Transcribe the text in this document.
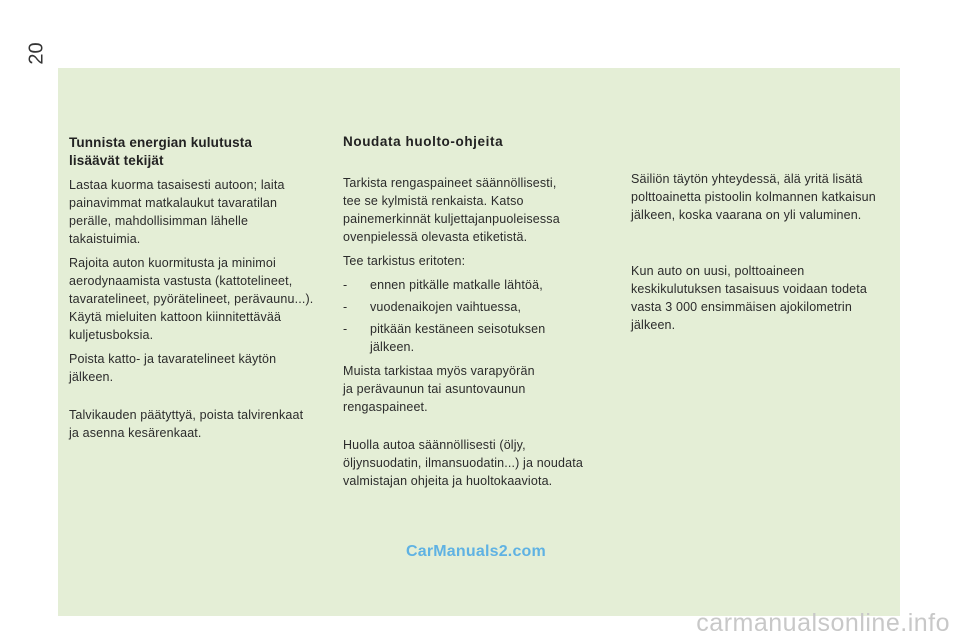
20
Tunnista energian kulutusta
lisäävät tekijät
Lastaa kuorma tasaisesti autoon; laita
painavimmat matkalaukut tavaratilan
perälle, mahdollisimman lähelle
takaistuimia.
Rajoita auton kuormitusta ja minimoi
aerodynaamista vastusta (kattotelineet,
tavaratelineet, pyörätelineet, perävaunu...).
Käytä mieluiten kattoon kiinnitettävää
kuljetusboksia.
Poista katto- ja tavaratelineet käytön
jälkeen.
Talvikauden päätyttyä, poista talvirenkaat
ja asenna kesärenkaat.
Noudata huolto-ohjeita
Tarkista rengaspaineet säännöllisesti,
tee se kylmistä renkaista. Katso
painemerkinnät kuljettajanpuoleisessa
ovenpielessä olevasta etiketistä.
Tee tarkistus eritoten:
- ennen pitkälle matkalle lähtöä,
- vuodenaikojen vaihtuessa,
- pitkään kestäneen seisotuksen
jälkeen.
Muista tarkistaa myös varapyörän
ja perävaunun tai asuntovaunun
rengaspaineet.
Huolla autoa säännöllisesti (öljy,
öljynsuodatin, ilmansuodatin...) ja noudata
valmistajan ohjeita ja huoltokaaviota.
Säiliön täytön yhteydessä, älä yritä lisätä
polttoainetta pistoolin kolmannen katkaisun
jälkeen, koska vaarana on yli valuminen.
Kun auto on uusi, polttoaineen
keskikulutuksen tasaisuus voidaan todeta
vasta 3 000 ensimmäisen ajokilometrin
jälkeen.
CarManuals2.com
carmanualsonline.info
